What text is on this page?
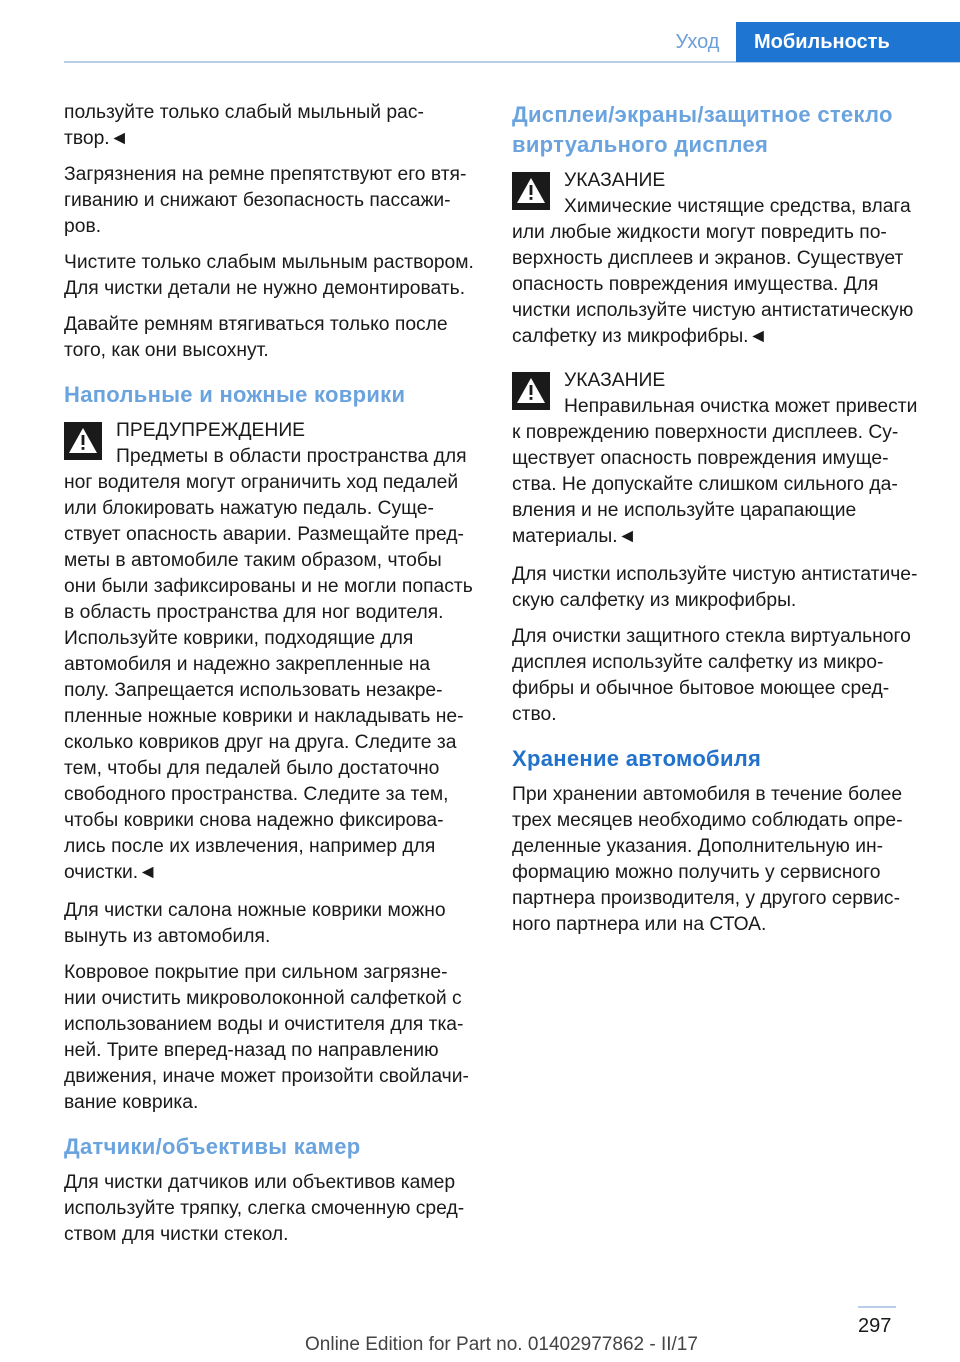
Уход	Мобильность

пользуйте только слабый мыльный рас-твор.◄

Загрязнения на ремне препятствуют его втя-гиванию и снижают безопасность пассажи-ров.

Чистите только слабым мыльным раствором. Для чистки детали не нужно демонтировать.

Давайте ремням втягиваться только после того, как они высохнут.

Напольные и ножные коврики
ПРЕДУПРЕЖДЕНИЕ

Предметы в области пространства для ног водителя могут ограничить ход педалей или блокировать нажатую педаль. Суще-ствует опасность аварии. Размещайте пред-меты в автомобиле таким образом, чтобы они были зафиксированы и не могли попасть в область пространства для ног водителя. Используйте коврики, подходящие для автомобиля и надежно закрепленные на полу. Запрещается использовать незакре-пленные ножные коврики и накладывать не-сколько ковриков друг на друга. Следите за тем, чтобы для педалей было достаточно свободного пространства. Следите за тем, чтобы коврики снова надежно фиксирова-лись после их извлечения, например для очистки.◄

Для чистки салона ножные коврики можно вынуть из автомобиля.

Ковровое покрытие при сильном загрязне-нии очистить микроволоконной салфеткой с использованием воды и очистителя для тка-ней. Трите вперед-назад по направлению движения, иначе может произойти свойлачи-вание коврика.

Датчики/объективы камер

Для чистки датчиков или объективов камер используйте тряпку, слегка смоченную сред-ством для чистки стекол.

Дисплеи/экраны/защитное стекло виртуального дисплея
УКАЗАНИЕ

Химические чистящие средства, влага или любые жидкости могут повредить по-верхность дисплеев и экранов. Существует опасность повреждения имущества. Для чистки используйте чистую антистатическую салфетку из микрофибры.◄

УКАЗАНИЕ

Неправильная очистка может привести к повреждению поверхности дисплеев. Су-ществует опасность повреждения имуще-ства. Не допускайте слишком сильного да-вления и не используйте царапающие материалы.◄

Для чистки используйте чистую антистатиче-скую салфетку из микрофибры.

Для очистки защитного стекла виртуального дисплея используйте салфетку из микро-фибры и обычное бытовое моющее сред-ство.

Хранение автомобиля

При хранении автомобиля в течение более трех месяцев необходимо соблюдать опре-деленные указания. Дополнительную ин-формацию можно получить у сервисного партнера производителя, у другого сервис-ного партнера или на СТОА.

297
Online Edition for Part no. 01402977862 - II/17
